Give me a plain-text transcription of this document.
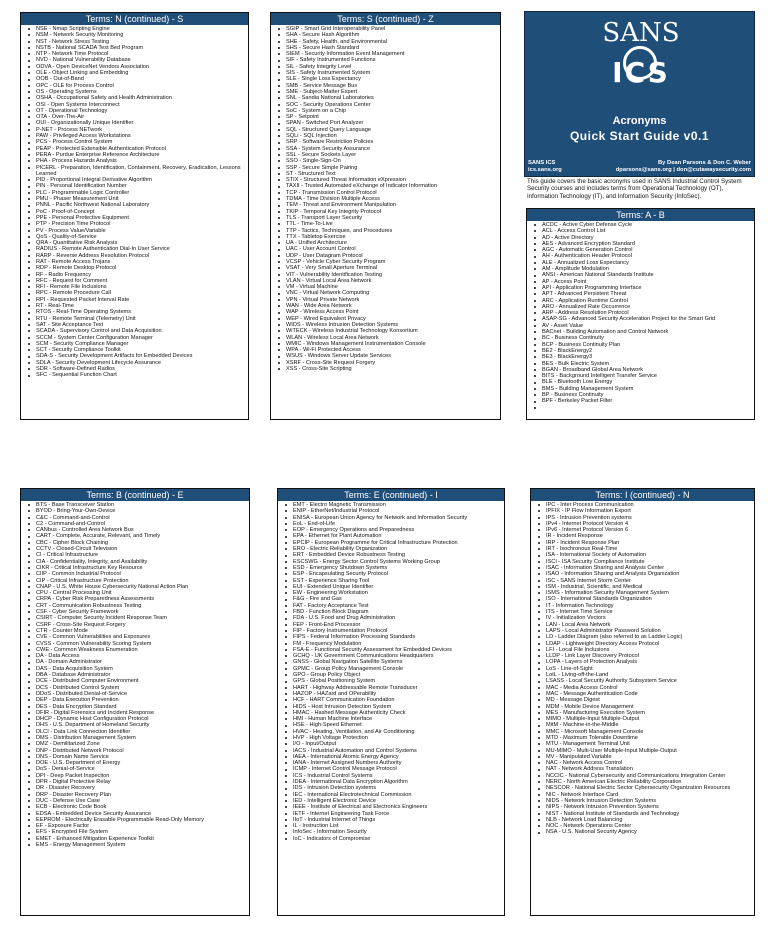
Terms: N (continued) - S
NSE - Nmap Scripting Engine
NSM - Network Security Monitoring
NST - Network Stress Testing
NSTB - National SCADA Test Bed Program
NTP - Network Time Protocol
NVD - National Vulnerability Database
ODVA - Open DeviceNet Vendors Association
OLE - Object Linking and Embedding
OOB - Out-of-Band
OPC - OLE for Process Control
OS - Operating Systems
OSHA - Occupational Safety and Health Administration
OSI - Open Systems Interconnect
OT - Operational Technology
OTA - Over-The-Air
OUI - Organizationally Unique Identifier
P-NET - Process NETwork
PAW - Privileged Access Workstations
PCS - Process Control System
PEAP - Protected Extensible Authentication Protocol
PERA - Purdue Enterprise Reference Architecture
PHA - Process Hazards Analysis
PICERL - Preparation, Identification, Containment, Recovery, Eradication, Lessons Learned
PID - Proportional Integral Derivative Algorithm
PIN - Personal Identification Number
PLC - Programmable Logic Controller
PMU - Phaser Measurement Unit
PNNL - Pacific Northwest National Laboratory
PoC - Proof-of-Concept
PPE - Personal Protective Equipment
PTP - Precision Time Protocol
PV - Process Value/Variable
QoS - Quality-of-Service
QRA - Quantitative Risk Analysis
RADIUS - Remote Authentication Dial-In User Service
RARP - Reverse Address Resolution Protocol
RAT - Remote Access Trojans
RDP - Remote Desktop Protocol
RF - Radio Frequency
RFC - Request for Comment
RFI - Remote File Inclusions
RPC - Remote Procedure Call
RPI - Requested Packet Interval Rate
RT - Real-Time
RTOS - Real-Time Operating Systems
RTU - Remote Terminal (Telemetry) Unit
SAT - Site Acceptance Text
SCADA - Supervisory Control and Data Acquisition
SCCM - System Center Configuration Manager
SCM - Security Compliance Manager
SCT - Security Compliance Toolkit
SDA-S - Security Development Artifacts for Embedded Devices
SDLA - Security Development Lifecycle Assurance
SDR - Software-Defined Radios
SFC - Sequential Function Chart
Terms: S (continued) - Z
SGIP - Smart Grid Interoperability Panel
SHA - Secure Hash Algorithm
SHE - Safety, Health, and Environmental
SHS - Secure Hash Standard
SIEM - Security Information Event Management
SIF - Safety Instrumented Functions
SIL - Safety Integrity Level
SIS - Safety Instrumented System
SLE - Single Loss Expectancy
SMB - Service Message Bus
SME - Subject-Matter Expert
SNL - Sandia National Laboratories
SOC - Security Operations Center
SoC - System on a Chip
SP - Setpoint
SPAN - Switched Port Analyzer
SQL - Structured Query Language
SQLi - SQL Injection
SRP - Software Restriction Policies
SSA - System Security Assurance
SSL - Secure Sockets Layer
SSO - Single-Sign-On
SSP - Secure Simple Pairing
ST - Structured Text
STIX - Structured Threat Information eXpression
TAXII - Trusted Automated eXchange of Indicator Information
TCP - Transmission Control Protocol
TDMA - Time Division Multiple Access
TEM - Threat and Environment Manipulation
TKIP - Temporal Key Integrity Protocol
TLS - Transport Layer Security
TTL - Time-To-Live
TTP - Tactics, Techniques, and Procedures
TTX - Tabletop Exercise
UA - Unified Architecture
UAC - User Account Control
UDP - User Datagram Protocol
VCSP - Vehicle Cyber Security Program
VSAT - Very Small Aperture Terminal
VIT - Vulnerability Identification Testing
VLAN - Virtual Local Area Network
VM - Virtual Machine
VNC - Virtual Network Computing
VPN - Virtual Private Network
WAN - Wide Area Network
WAP - Wireless Access Point
WEP - Wired Equivalent Privacy
WIDS - Wireless Intrusion Detection Systems
WiTECK - Wireless Industrial Technology Konsortium
WLAN - Wireless Local Area Network
WMIC - Windows Management Instrumentation Console
WPA - Wi-Fi Protected Access
WSUS - Windows Server Update Services
XSRF - Cross-Site Request Forgery
XSS - Cross-Site Scripting
SANS
ICS
Acronyms
Quick Start Guide v0.1
SANS ICS
ics.sans.org
By Dean Parsons & Don C. Weber
dparsons@sans.org | don@cutawaysecurity.com
This guide covers the basic acronyms used in SANS Industrial Control System Security courses and includes terms from Operational Technology (OT), Information Technology (IT), and Information Security (InfoSec).
Terms: A - B
ACDC - Active Cyber Defense Cycle
ACL - Access Control List
AD - Active Directory
AES - Advanced Encryption Standard
AGC - Automatic Generation Control
AH - Authentication Header Protocol
ALE - Annualized Loss Expectancy
AM - Amplitude Modulation
ANSI - American National Standards Institute
AP - Access Point
API - Application Programming Interface
APT - Advanced Persistent Threat
ARC - Application Runtime Control
ARO - Annualized Rate Occurrence
ARP - Address Resolution Protocol
ASAP-SG - Advanced Security Acceleration Project for the Smart Grid
AV - Asset Value
BACnet - Building Automation and Control Network
BC - Business Continuity
BCP - Business Continuity Plan
BE2 - BlackEnergy2
BE3 - BlackEnergy3
BES - Bulk Electric System
BGAN - Broadband Global Area Network
BITS - Background Intelligent Transfer Service
BLE - Bluetooth Low Energy
BMS - Building Management System
BP - Business Continuity
BPF - Berkeley Packet Filter
Terms: B (continued) - E
BTS - Base Transceiver Station
BYOD - Bring-Your-Own-Device
C&C - Command-and-Control
C2 - Command-and-Control
CANbus - Controlled Area Network Bus
CART - Complete, Accurate, Relevant, and Timely
CBC - Cipher Block Chaining
CCTV - Closed-Circuit Television
CI - Critical Infrastructure
CIA - Confidentiality, Integrity, and Availability
CIKR - Critical Infrastructure Key Resource
CIIP - Common Industrial Protocol
CIP - Critical Infrastructure Protection
CNAP - U.S. White House Cybersecurity National Action Plan
CPU - Central Processing Unit
CRPA - Cyber Risk Preparedness Assessments
CRT - Communication Robustness Testing
CSF - Cyber Security Framework
CSIRT - Computer Security Incident Response Team
CSRF - Cross-Site Request Forgery
CTR - Counter Mode
CVE - Common Vulnerabilities and Exposures
CVSS - Common Vulnerability Scoring System
CWE - Common Weakness Enumeration
DA - Data Access
DA - Domain Administrator
DAS - Data Acquisition System
DBA - Database Administrator
DCE - Distributed Computer Environment
DCS - Distributed Control System
DDoS - Distributed Denial-of-Service
DEP - Data Execution Prevention
DES - Data Encryption Standard
DFIR - Digital Forensics and Incident Response
DHCP - Dynamic Host Configuration Protocol
DHS - U.S. Department of Homeland Security
DLCI - Data Link Connection Identifier
DMS - Distribution Management System
DMZ - Demilitarized Zone
DNP - Distributed Network Protocol
DNS - Domain Name Service
DOE - U.S. Department of Energy
DoS - Denial-of-Service
DPI - Deep Packet Inspection
DPR - Digital Protective Relay
DR - Disaster Recovery
DRP - Disaster Recovery Plan
DUC - Defense Use Case
ECB - Electronic Code Book
EDSA - Embedded Device Security Assurance
EEPROM - Electrically Erasable Programmable Read-Only Memory
EF - Exposure Factor
EFS - Encrypted File System
EMET - Enhanced Mitigation Experience Toolkit
EMS - Energy Management System
Terms: E (continued) - I
EMT - Electro Magnetic Transmission
ENIP - EtherNet/Industrial Protocol
ENISA - European Union Agency for Network and Information Security
EoL - End-of-Life
EOP - Emergency Operations and Preparedness
EPA - Ethernet for Plant Automation
EPCIP - European Programme for Critical Infrastructure Protection
ERO - Electric Reliability Organization
ERT - Embedded Device Robustness Testing
ESCSWG - Energy Sector Control Systems Working Group
ESD - Emergency Shutdown Systems
ESP - Encapsulating Security Protocol
EST - Experience Sharing Tool
EUI - Extended Unique Identifier
EW - Engineering Workstation
F&G - Fire and Gas
FAT - Factory Acceptance Test
FBD - Function Block Diagram
FDA - U.S. Food and Drug Administration
FEP - Front-End Processor
FIP - Factory Instrumentation Protocol
FIPS - Federal Information Processing Standards
FM - Frequency Modulation
FSA-E - Functional Security Assessment for Embedded Devices
GCHQ - UK Government Communications Headquarters
GNSS - Global Navigation Satellite Systems
GPMC - Group Policy Management Console
GPO - Group Policy Object
GPS - Global Positioning System
HART - Highway Addressable Remote Transducer
HAZOP - HAZard and OPerability
HCF - HART Communication Foundation
HIDS - Host Intrusion Detection System
HMAC - Hashed Message Authenticity Check
HMI - Human Machine Interface
HSE - High-Speed Ethernet
HVAC - Heating, Ventilation, and Air Conditioning
HVP - High Voltage Protection
I/O - Input/Output
IACS - Industrial Automation and Control Systems
IAEA - International Atomic Energy Agency
IANA - Internet Assigned Numbers Authority
ICMP - Internet Control Message Protocol
ICS - Industrial Control Systems
IDEA - International Data Encryption Algorithm
IDS - Intrusion Detection systems
IEC - International Electrotechnical Commission
IED - Intelligent Electronic Device
IEEE - Institute of Electrical and Electronics Engineers
IETF - Internet Engineering Task Force
IIoT - Industrial Internet of Things
IL - Instruction List
InfoSec - Information Security
IoC - Indicators of Compromise
Terms: I (continued) - N
IPC - Inter Process Communication
IPFIX - IP Flow Information Export
IPS - Intrusion Prevention systems
IPv4 - Internet Protocol Version 4
IPv6 - Internet Protocol Version 6
IR - Incident Response
IRP - Incident Response Plan
IRT - Isochronous Real-Time
ISA - International Society of Automation
ISCI - ISA Security Compliance Institute
ISAC - Information Sharing and Analysis Center
ISAO - Information Sharing and Analysis Organization
ISC - SANS Internet Storm Center
ISM - Industrial, Scientific, and Medical
ISMS - Information Security Management System
ISO - International Standards Organization
IT - Information Technology
ITS - Internet Time Service
IV - Initialization Vectors
LAN - Local Area Network
LAPS - Local Administrator Password Solution
LD - Ladder Diagram (also referred to as Ladder Logic)
LDAP - Lightweight Directory Access Protocol
LFI - Local File Inclusions
LLDP - Link Layer Discovery Protocol
LOPA - Layers of Protection Analysis
LoS - Line-of-Sight
LotL - Living-off-the-Land
LSASS - Local Security Authority Subsystem Service
MAC - Media Access Control
MAC - Message Authentication Code
MD - Message Digest
MDM - Mobile Device Management
MES - Manufacturing Execution System
MIMO - Multiple-Input Multiple-Output
MitM - Machine-in-the-Middle
MMC - Microsoft Management Console
MTD - Maximum Tolerable Downtime
MTU - Management Terminal Unit
MU-MIMO - Multi-User Multiple-Input Multiple-Output
MV - Manipulated Variable
NAC - Network Access Control
NAT - Network Address Translation
NCCIC - National Cybersecurity and Communications Integration Center
NERC - North American Electric Reliability Corporation
NESCOR - National Electric Sector Cybersecurity Organization Resources
NIC - Network Interface Card
NIDS - Network Intrusion Detection Systems
NIPS - Network Intrusion Prevention Systems
NIST - National Institute of Standards and Technology
NLB - Network Load Balancing
NOC - Network Operations Center
NSA - U.S. National Security Agency
